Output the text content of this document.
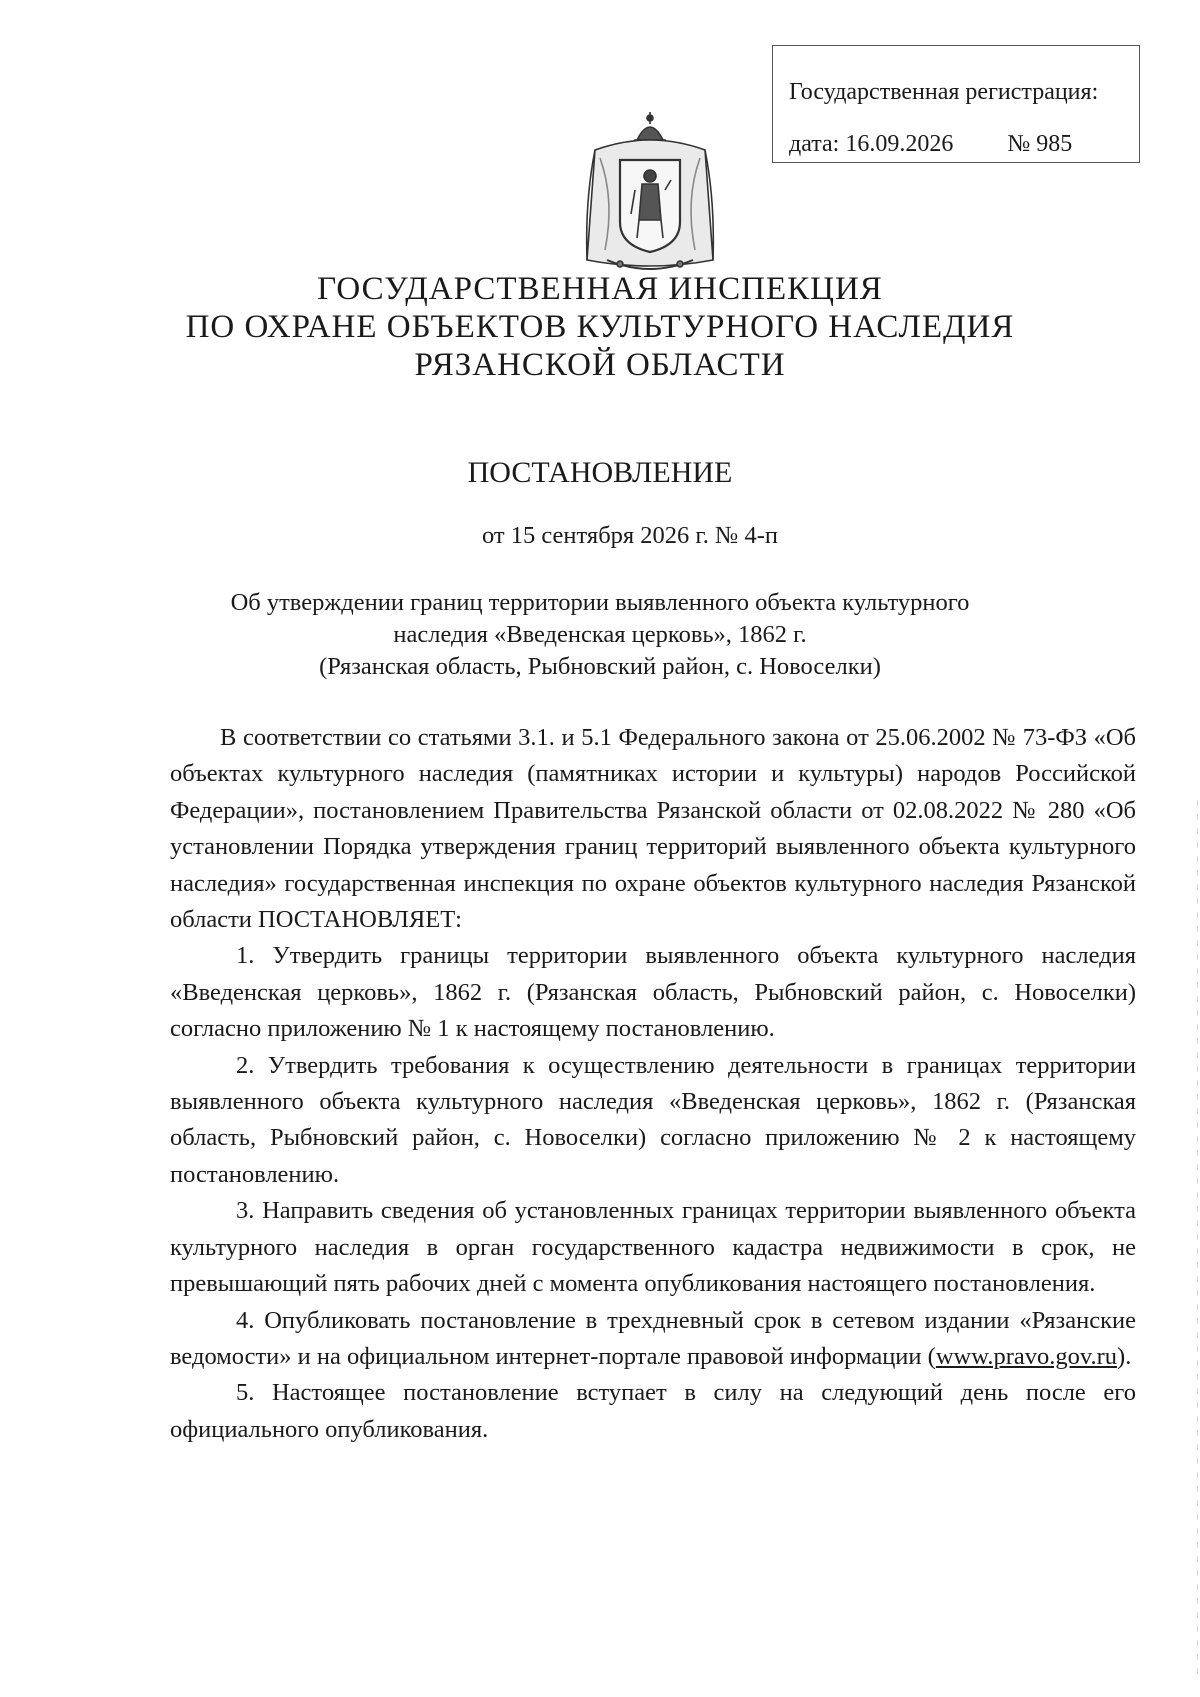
Государственная регистрация:
дата: 16.09.2026 № 985
ГОСУДАРСТВЕННАЯ ИНСПЕКЦИЯ
ПО ОХРАНЕ ОБЪЕКТОВ КУЛЬТУРНОГО НАСЛЕДИЯ
РЯЗАНСКОЙ ОБЛАСТИ
ПОСТАНОВЛЕНИЕ
от 15 сентября 2026 г. № 4-п
Об утверждении границ территории выявленного объекта культурного
наследия «Введенская церковь», 1862 г.
(Рязанская область, Рыбновский район, с. Новоселки)

В соответствии со статьями 3.1. и 5.1 Федерального закона от 25.06.2002 № 73-ФЗ «Об объектах культурного наследия (памятниках истории и культуры) народов Российской Федерации», постановлением Правительства Рязанской области от 02.08.2022 № 280 «Об установлении Порядка утверждения границ территорий выявленного объекта культурного наследия» государственная инспекция по охране объектов культурного наследия Рязанской области ПОСТАНОВЛЯЕТ:

1. Утвердить границы территории выявленного объекта культурного наследия «Введенская церковь», 1862 г. (Рязанская область, Рыбновский район, с. Новоселки) согласно приложению № 1 к настоящему постановлению.

2. Утвердить требования к осуществлению деятельности в границах территории выявленного объекта культурного наследия «Введенская церковь», 1862 г. (Рязанская область, Рыбновский район, с. Новоселки) согласно приложению № 2 к настоящему постановлению.

3. Направить сведения об установленных границах территории выявленного объекта культурного наследия в орган государственного кадастра недвижимости в срок, не превышающий пять рабочих дней с момента опубликования настоящего постановления.

4. Опубликовать постановление в трехдневный срок в сетевом издании «Рязанские ведомости» и на официальном интернет-портале правовой информации (www.pravo.gov.ru).

5. Настоящее постановление вступает в силу на следующий день после его официального опубликования.
